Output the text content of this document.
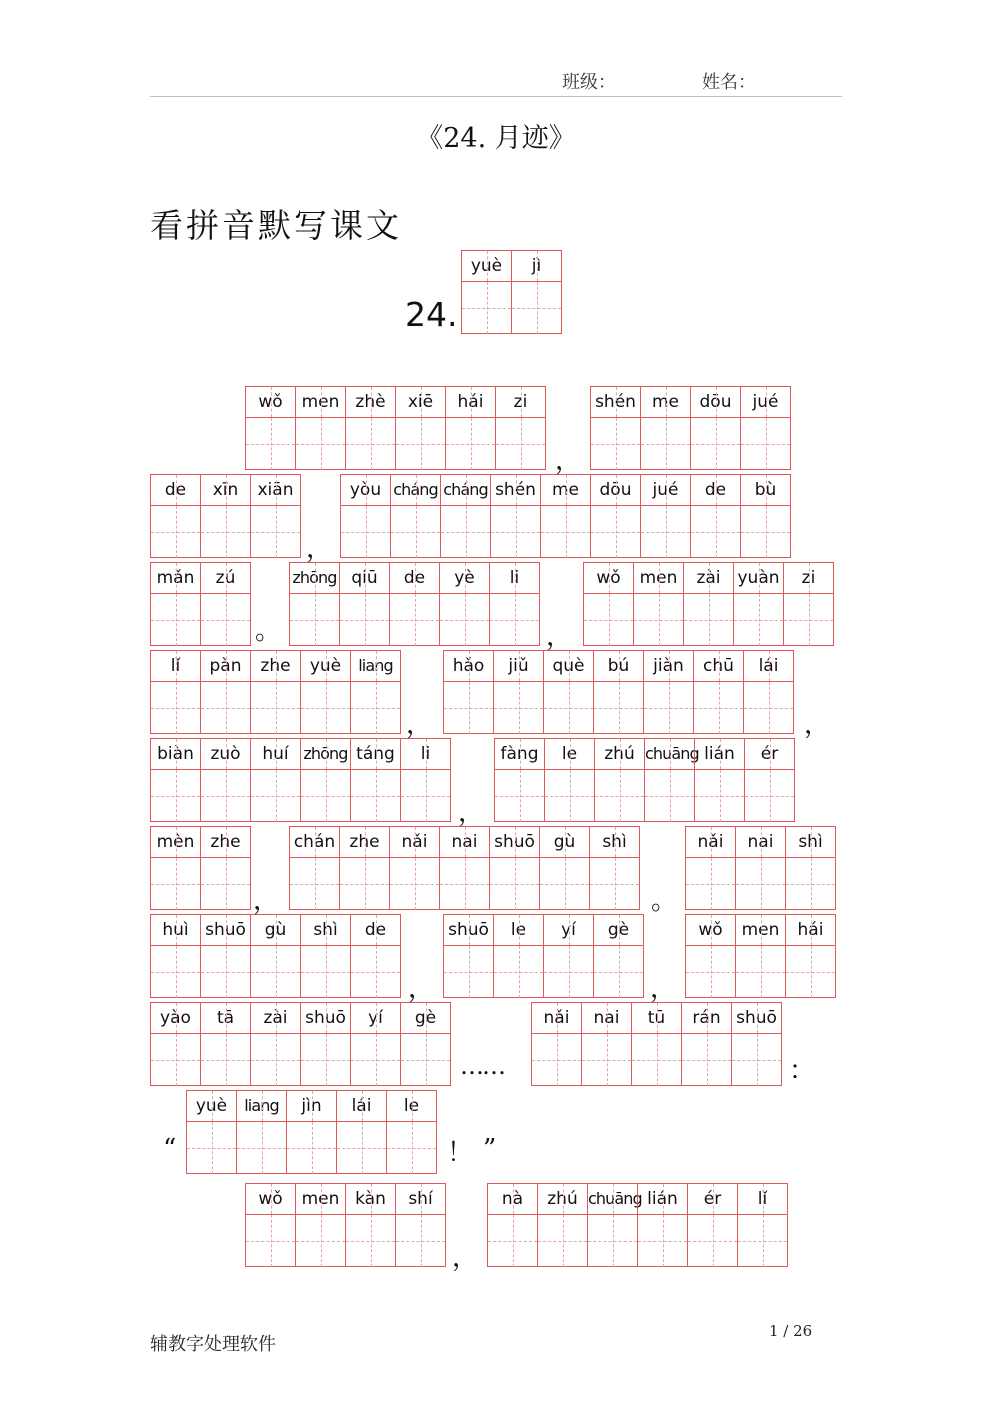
班级：	姓名：
《24. 月迹》
看拼音默写课文
24.
yuè	jì
wǒ	men zhè	xiē	hái	zi	shén me	dōu	jué
de	xīn	xiān	yòu cháng cháng shén me	dōu	jué	de	bù
mǎn	zú	zhōng qiū	de	yè	li	wǒ	men	zài yuàn	zi
lǐ	pàn	zhe	yuè	liang	hǎo	jiǔ	què	bú	jiàn	chū	lái
biàn zuò	huí zhōng táng	li	fàng	le	zhú chuāng lián	ér
mèn zhe	chán zhe	nǎi	nai shuō	gù	shì	nǎi	nai	shì
huì shuō	gù	shì	de	shuō	le	yí	gè	wǒ	men	hái
yào	tā	zài	shuō	yí	gè	nǎi	nai	tū	rán shuō
yuè	liang	jìn	lái	le
wǒ	men kàn	shí	nà	zhú chuāng lián	ér	lǐ
，
，
。	，
，	，
，
，	。
，	，
……	：
“	！ ”
，
辅教字处理软件
1 / 26
